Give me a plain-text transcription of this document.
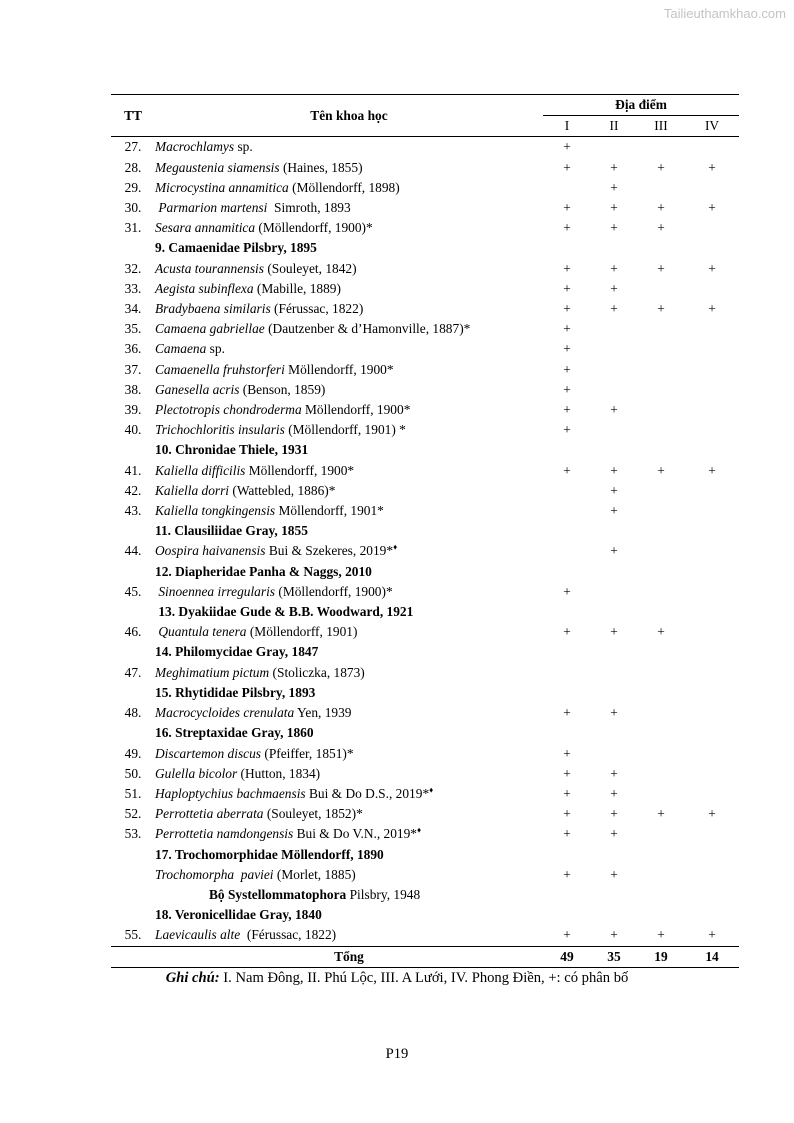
Tailieuthamkhao.com
TT	Tên khoa học	Địa điểm			
		I	II	III	IV
27.	Macrochlamys sp.	+			
28.	Megaustenia siamensis (Haines, 1855)	+	+	+	+
29.	Microcystina annamitica (Möllendorff, 1898)		+		
30.	Parmarion martensi  Simroth, 1893	+	+	+	+
31.	Sesara annamitica (Möllendorff, 1900)*	+	+	+	
	9. Camaenidae Pilsbry, 1895				
32.	Acusta tourannensis (Souleyet, 1842)	+	+	+	+
33.	Aegista subinflexa (Mabille, 1889)	+	+		
34.	Bradybaena similaris (Férussac, 1822)	+	+	+	+
35.	Camaena gabriellae (Dautzenber & d’Hamonville, 1887)*	+			
36.	Camaena sp.	+			
37.	Camaenella fruhstorferi Möllendorff, 1900*	+			
38.	Ganesella acris (Benson, 1859)	+			
39.	Plectotropis chondroderma Möllendorff, 1900*	+	+		
40.	Trichochloritis insularis (Möllendorff, 1901) *	+			
	10. Chronidae Thiele, 1931				
41.	Kaliella difficilis Möllendorff, 1900*	+	+	+	+
42.	Kaliella dorri (Wattebled, 1886)*		+		
43.	Kaliella tongkingensis Möllendorff, 1901*		+		
	11. Clausiliidae Gray, 1855				
44.	Oospira haivanensis Bui & Szekeres, 2019*♦		+		
	12. Diapheridae Panha & Naggs, 2010				
45.	Sinoennea irregularis (Möllendorff, 1900)*	+			
	13. Dyakiidae Gude & B.B. Woodward, 1921				
46.	Quantula tenera (Möllendorff, 1901)	+	+	+	
	14. Philomycidae Gray, 1847				
47.	Meghimatium pictum (Stoliczka, 1873)				
	15. Rhytididae Pilsbry, 1893				
48.	Macrocycloides crenulata Yen, 1939	+	+		
	16. Streptaxidae Gray, 1860				
49.	Discartemon discus (Pfeiffer, 1851)*	+			
50.	Gulella bicolor (Hutton, 1834)	+	+		
51.	Haploptychius bachmaensis Bui & Do D.S., 2019*♦	+	+		
52.	Perrottetia aberrata (Souleyet, 1852)*	+	+	+	+
53.	Perrottetia namdongensis Bui & Do V.N., 2019*♦	+	+		
	17. Trochomorphidae Möllendorff, 1890				
	Trochomorpha  paviei (Morlet, 1885)	+	+		
	Bộ Systellommatophora Pilsbry, 1948				
	18. Veronicellidae Gray, 1840				
55.	Laevicaulis alte  (Férussac, 1822)	+	+	+	+
	Tổng	49	35	19	14
Ghi chú: I. Nam Đông, II. Phú Lộc, III. A Lưới, IV. Phong Điền, +: có phân bố
P19
